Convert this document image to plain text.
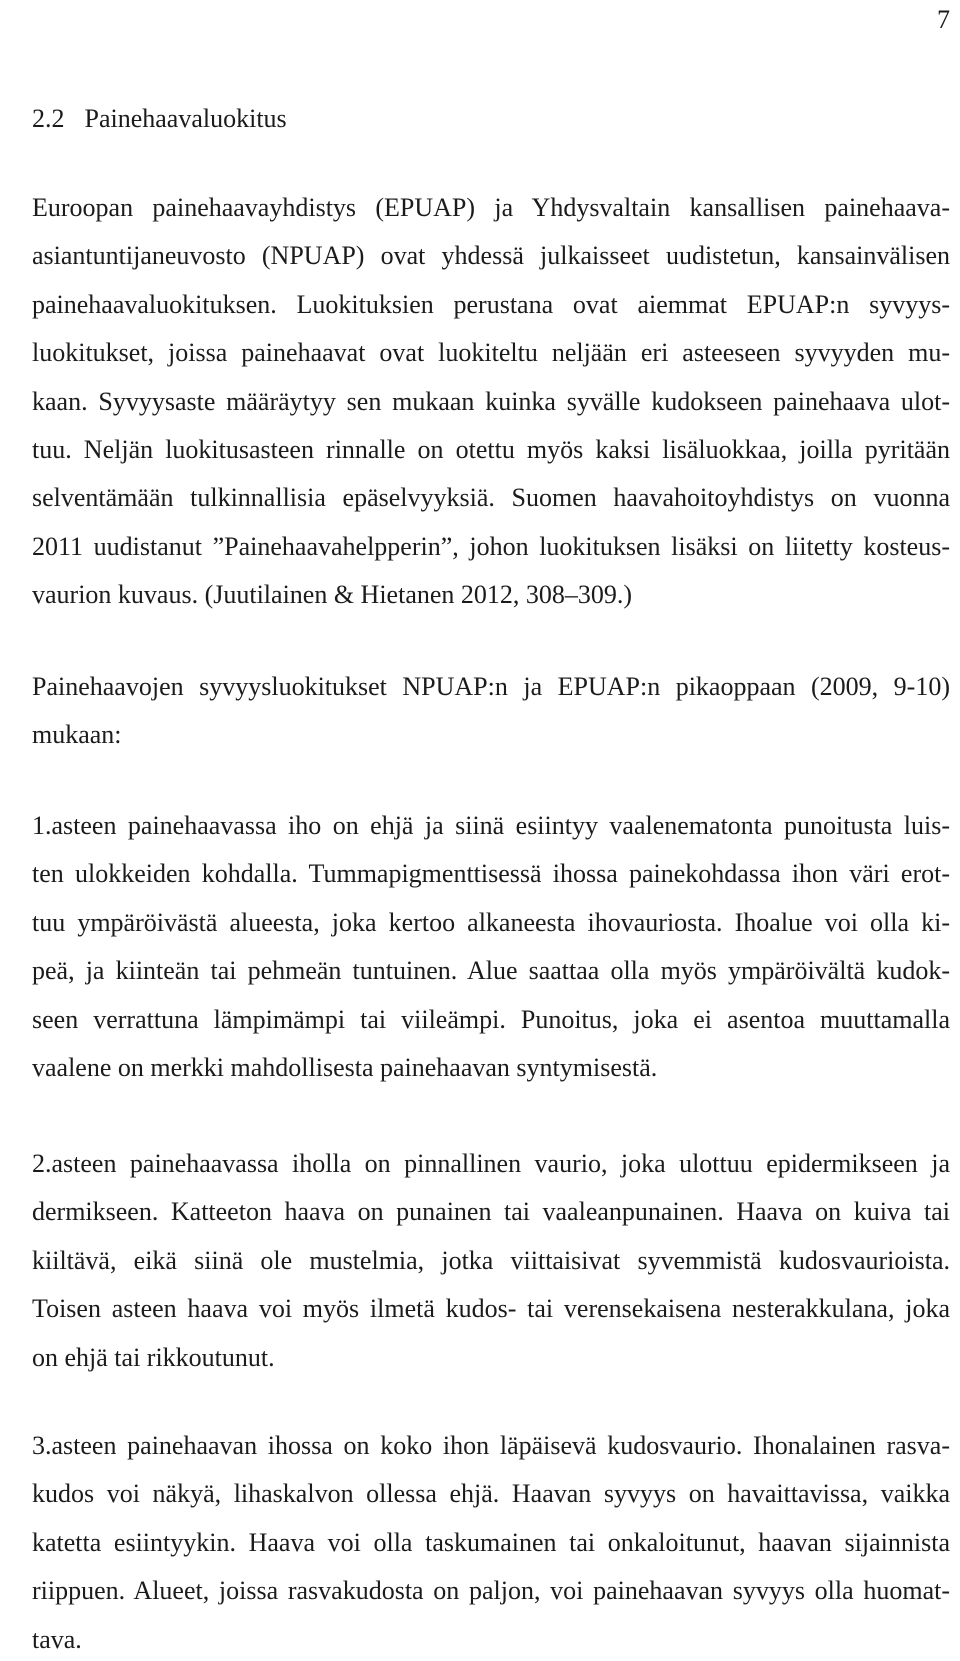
7
2.2 Painehaavaluokitus
Euroopan painehaavayhdistys (EPUAP) ja Yhdysvaltain kansallisen painehaava-
asiantuntijaneuvosto (NPUAP) ovat yhdessä julkaisseet uudistetun, kansainvälisen
painehaavaluokituksen. Luokituksien perustana ovat aiemmat EPUAP:n syvyys-
luokitukset, joissa painehaavat ovat luokiteltu neljään eri asteeseen syvyyden mu-
kaan. Syvyysaste määräytyy sen mukaan kuinka syvälle kudokseen painehaava ulot-
tuu. Neljän luokitusasteen rinnalle on otettu myös kaksi lisäluokkaa, joilla pyritään
selventämään tulkinnallisia epäselvyyksiä. Suomen haavahoitoyhdistys on vuonna
2011 uudistanut ”Painehaavahelpperin”, johon luokituksen lisäksi on liitetty kosteus-
vaurion kuvaus. (Juutilainen & Hietanen 2012, 308–309.)
Painehaavojen syvyysluokitukset NPUAP:n ja EPUAP:n pikaoppaan (2009, 9-10)
mukaan:
1.asteen painehaavassa iho on ehjä ja siinä esiintyy vaalenematonta punoitusta luis-
ten ulokkeiden kohdalla. Tummapigmenttisessä ihossa painekohdassa ihon väri erot-
tuu ympäröivästä alueesta, joka kertoo alkaneesta ihovauriosta. Ihoalue voi olla ki-
peä, ja kiinteän tai pehmeän tuntuinen. Alue saattaa olla myös ympäröivältä kudok-
seen verrattuna lämpimämpi tai viileämpi. Punoitus, joka ei asentoa muuttamalla
vaalene on merkki mahdollisesta painehaavan syntymisestä.
2.asteen painehaavassa iholla on pinnallinen vaurio, joka ulottuu epidermikseen ja
dermikseen. Katteeton haava on punainen tai vaaleanpunainen. Haava on kuiva tai
kiiltävä, eikä siinä ole mustelmia, jotka viittaisivat syvemmistä kudosvaurioista.
Toisen asteen haava voi myös ilmetä kudos- tai verensekaisena nesterakkulana, joka
on ehjä tai rikkoutunut.
3.asteen painehaavan ihossa on koko ihon läpäisevä kudosvaurio. Ihonalainen rasva-
kudos voi näkyä, lihaskalvon ollessa ehjä. Haavan syvyys on havaittavissa, vaikka
katetta esiintyykin. Haava voi olla taskumainen tai onkaloitunut, haavan sijainnista
riippuen. Alueet, joissa rasvakudosta on paljon, voi painehaavan syvyys olla huomat-
tava.
